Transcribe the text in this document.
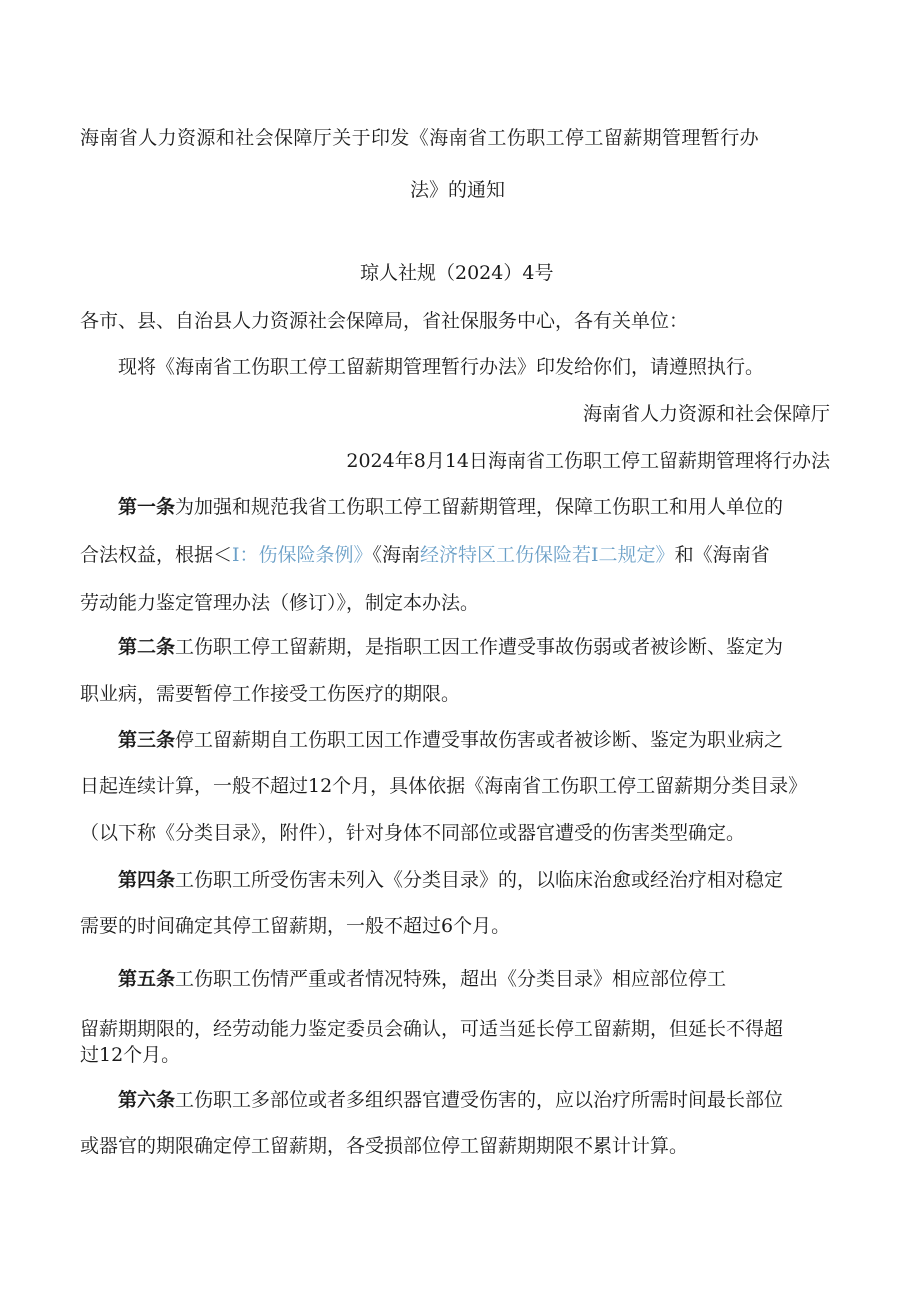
海南省人力资源和社会保障厅关于印发《海南省工伤职工停工留薪期管理暂行办
法》的通知
琼人社规（2024）4号
各市、县、自治县人力资源社会保障局，省社保服务中心，各有关单位：
现将《海南省工伤职工停工留薪期管理暂行办法》印发给你们，请遵照执行。
海南省人力资源和社会保障厅
2024年8月14日海南省工伤职工停工留薪期管理将行办法
第一条为加强和规范我省工伤职工停工留薪期管理，保障工伤职工和用人单位的
合法权益，根据＜I：伤保险条例》《海南经济特区工伤保险若I二规定》和《海南省
劳动能力鉴定管理办法（修订）》，制定本办法。
第二条工伤职工停工留薪期，是指职工因工作遭受事故伤弱或者被诊断、鉴定为
职业病，需要暂停工作接受工伤医疗的期限。
第三条停工留薪期自工伤职工因工作遭受事故伤害或者被诊断、鉴定为职业病之
日起连续计算，一般不超过12个月，具体依据《海南省工伤职工停工留薪期分类目录》
（以下称《分类目录》，附件），针对身体不同部位或器官遭受的伤害类型确定。
第四条工伤职工所受伤害未列入《分类目录》的，以临床治愈或经治疗相对稳定
需要的时间确定其停工留薪期，一般不超过6个月。
第五条工伤职工伤情严重或者情况特殊，超出《分类目录》相应部位停工
留薪期期限的，经劳动能力鉴定委员会确认，可适当延长停工留薪期，但延长不得超
过12个月。
第六条工伤职工多部位或者多组织器官遭受伤害的，应以治疗所需时间最长部位
或器官的期限确定停工留薪期，各受损部位停工留薪期期限不累计计算。
